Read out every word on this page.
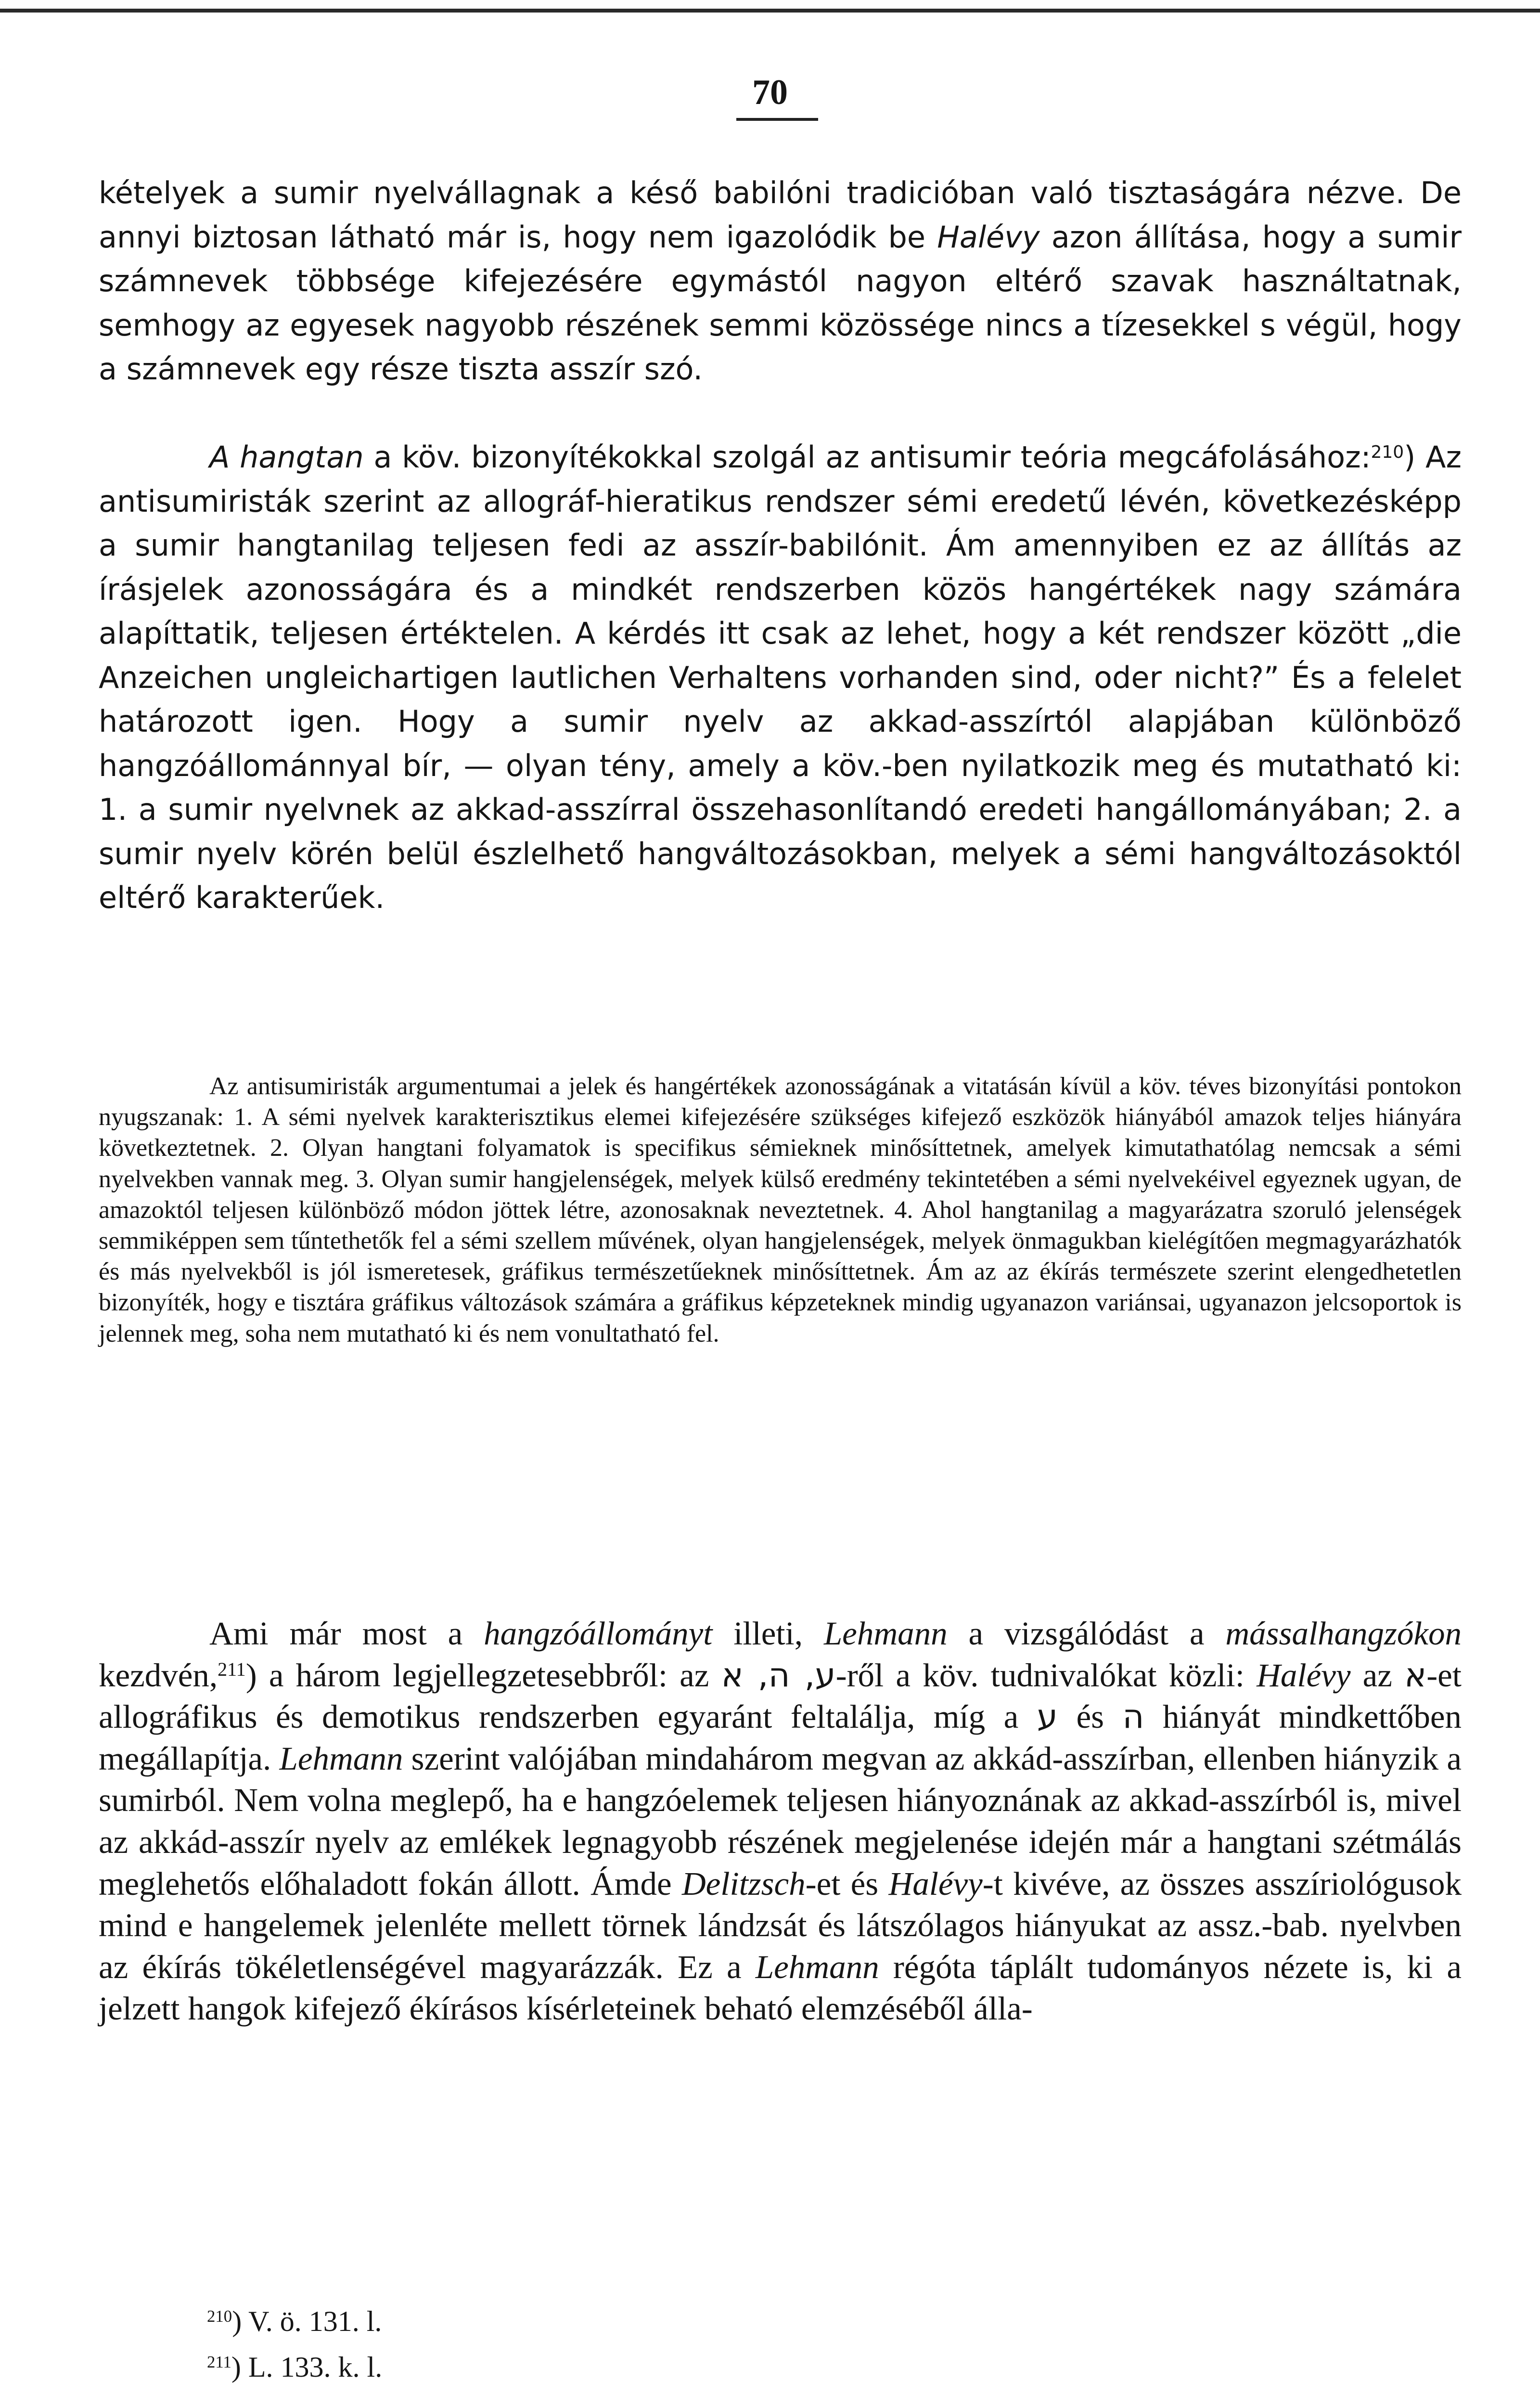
70

kételyek a sumir nyelvállagnak a késő babilóni tradicióban való tisztaságára nézve. De annyi biztosan látható már is, hogy nem igazolódik be Halévy azon állítása, hogy a sumir számnevek többsége kifejezésére egymástól nagyon eltérő szavak használtatnak, semhogy az egyesek nagyobb részének semmi közössége nincs a tízesekkel s végül, hogy a számnevek egy része tiszta asszír szó.

A hangtan a köv. bizonyítékokkal szolgál az antisumir teória megcáfolásához:$^{210}$) Az antisumiristák szerint az allográf-hieratikus rendszer sémi eredetű lévén, következésképp a sumir hangtanilag teljesen fedi az asszír-babilónit. Ám amennyiben ez az állítás az írásjelek azonosságára és a mindkét rendszerben közös hangértékek nagy számára alapíttatik, teljesen értéktelen. A kérdés itt csak az lehet, hogy a két rendszer között „die Anzeichen ungleichartigen lautlichen Verhaltens vorhanden sind, oder nicht?” És a felelet határozott igen. Hogy a sumir nyelv az akkad-asszírtól alapjában különböző hangzóállománnyal bír, — olyan tény, amely a köv.-ben nyilatkozik meg és mutatható ki: 1. a sumir nyelvnek az akkad-asszírral összehasonlítandó eredeti hangállományában; 2. a sumir nyelv körén belül észlelhető hangváltozásokban, melyek a sémi hangváltozásoktól eltérő karakterűek.

Az antisumiristák argumentumai a jelek és hangértékek azonosságának a vitatásán kívül a köv. téves bizonyítási pontokon nyugszanak: 1. A sémi nyelvek karakterisztikus elemei kifejezésére szükséges kifejező eszközök hiányából amazok teljes hiányára következtetnek. 2. Olyan hangtani folyamatok is specifikus sémieknek minősíttetnek, amelyek kimutathatólag nemcsak a sémi nyelvekben vannak meg. 3. Olyan sumir hangjelenségek, melyek külső eredmény tekintetében a sémi nyelvekéivel egyeznek ugyan, de amazoktól teljesen különböző módon jöttek létre, azonosaknak neveztetnek. 4. Ahol hangtanilag a magyarázatra szoruló jelenségek semmiképpen sem tűntethetők fel a sémi szellem művének, olyan hangjelenségek, melyek önmagukban kielégítően megmagyarázhatók és más nyelvekből is jól ismeretesek, gráfikus természetűeknek minősíttetnek. Ám az az ékírás természete szerint elengedhetetlen bizonyíték, hogy e tisztára gráfikus változások számára a gráfikus képzeteknek mindig ugyanazon variánsai, ugyanazon jelcsoportok is jelennek meg, soha nem mutatható ki és nem vonultatható fel.

Ami már most a hangzóállományt illeti, Lehmann a vizsgálódást a mássalhangzókon kezdvén,$^{211}$) a három legjellegzetesebbről: az ע, ה, א-ről a köv. tudnivalókat közli: Halévy az א-et allográfikus és demotikus rendszerben egyaránt feltalálja, míg a ע és ה hiányát mindkettőben megállapítja. Lehmann szerint valójában mindahárom megvan az akkád-asszírban, ellenben hiányzik a sumirból. Nem volna meglepő, ha e hangzóelemek teljesen hiányoznának az akkad-asszírból is, mivel az akkád-asszír nyelv az emlékek legnagyobb részének megjelenése idején már a hangtani szétmálás meglehetős előhaladott fokán állott. Ámde Delitzsch-et és Halévy-t kivéve, az összes asszíriológusok mind e hangelemek jelenléte mellett törnek lándzsát és látszólagos hiányukat az assz.-bab. nyelvben az ékírás tökéletlenségével magyarázzák. Ez a Lehmann régóta táplált tudományos nézete is, ki a jelzett hangok kifejező ékírásos kísérleteinek beható elemzéséből álla-

$^{210}$) V. ö. 131. l.
$^{211}$) L. 133. k. l.
